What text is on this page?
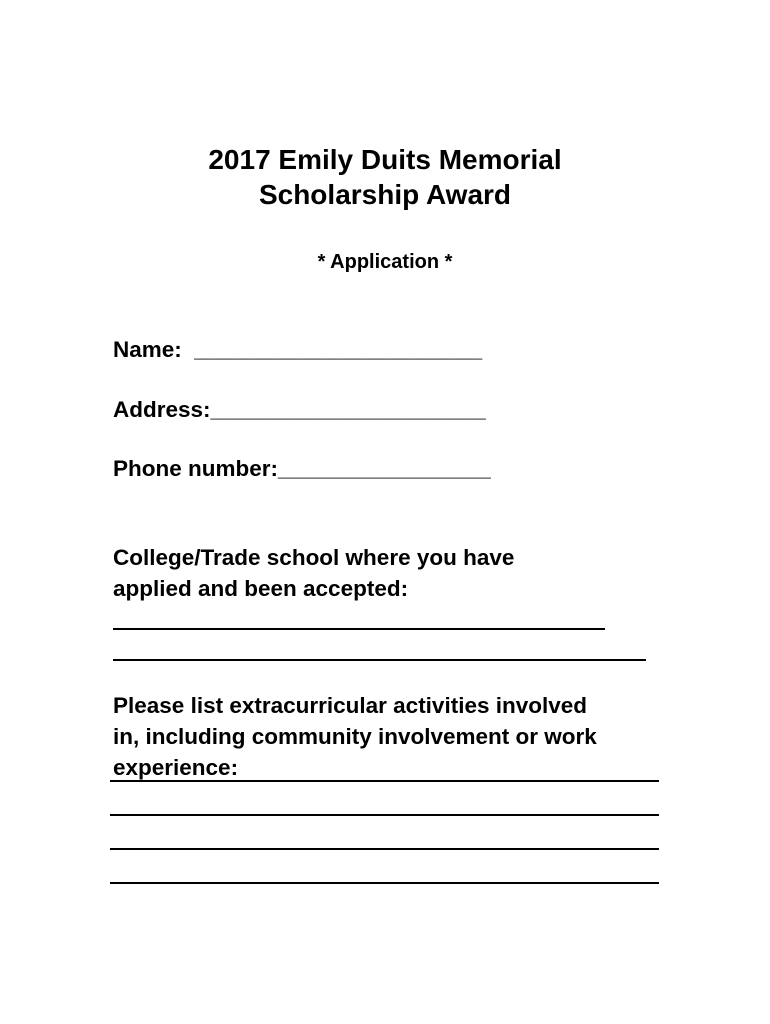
2017 Emily Duits Memorial
Scholarship Award
* Application *
Name:  _______________________
Address:______________________
Phone number:_________________
College/Trade school where you have
applied and been accepted:
Please list extracurricular activities involved
in, including community involvement or work
experience:
